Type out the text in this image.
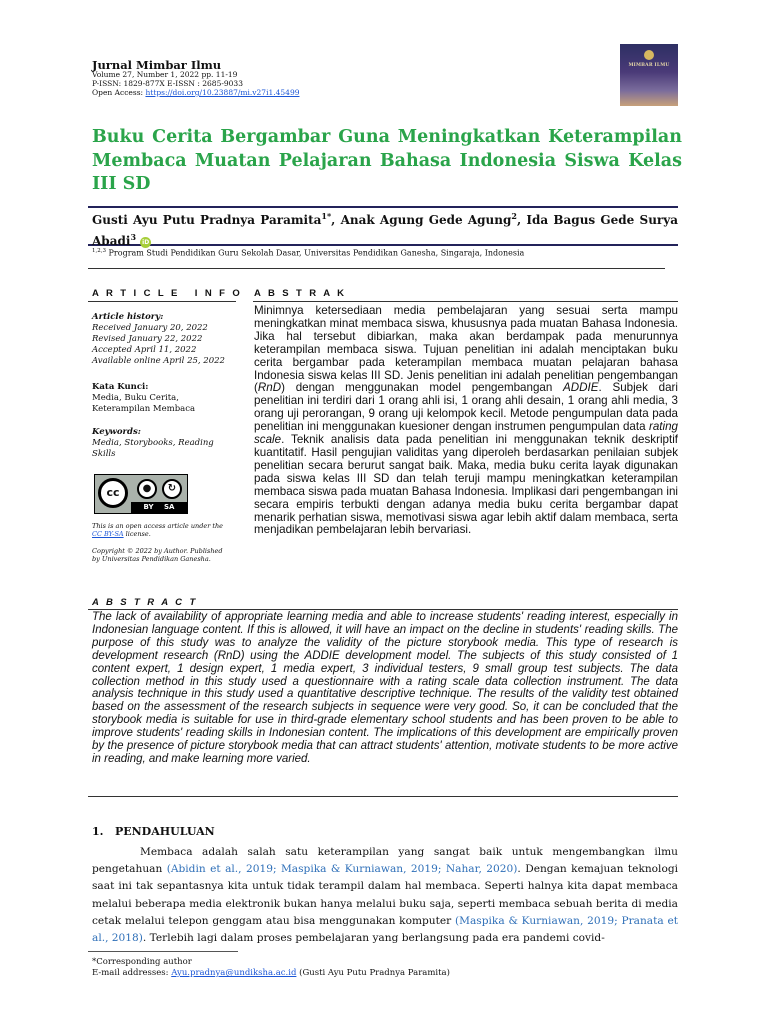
Jurnal Mimbar Ilmu
Volume 27, Number 1, 2022 pp. 11-19
P-ISSN: 1829-877X E-ISSN : 2685-9033
Open Access: https://doi.org/10.23887/mi.v27i1.45499
MIMBAR ILMU
Buku Cerita Bergambar Guna Meningkatkan Keterampilan Membaca Muatan Pelajaran Bahasa Indonesia Siswa Kelas III SD
Gusti Ayu Putu Pradnya Paramita$^{1*}$, Anak Agung Gede Agung$^2$, Ida Bagus Gede Surya Abadi$^3$ iD
$^{1,2,3}$ Program Studi Pendidikan Guru Sekolah Dasar, Universitas Pendidikan Ganesha, Singaraja, Indonesia
A R T I C L E   I N F O
Article history:
Received January 20, 2022
Revised January 22, 2022
Accepted April 11, 2022
Available online April 25, 2022
Kata Kunci:
Media, Buku Cerita,
Keterampilan Membaca
Keywords:
Media, Storybooks, Reading
Skills
cc	●	↻
BY SA
This is an open access article under the
CC BY-SA license.
Copyright © 2022 by Author. Published by Universitas Pendidikan Ganesha.
A B S T R A K
Minimnya ketersediaan media pembelajaran yang sesuai serta mampu meningkatkan minat membaca siswa, khususnya pada muatan Bahasa Indonesia. Jika hal tersebut dibiarkan, maka akan berdampak pada menurunnya keterampilan membaca siswa. Tujuan penelitian ini adalah menciptakan buku cerita bergambar pada keterampilan membaca muatan pelajaran bahasa Indonesia siswa kelas III SD. Jenis penelitian ini adalah penelitian pengembangan (RnD) dengan menggunakan model pengembangan ADDIE. Subjek dari penelitian ini terdiri dari 1 orang ahli isi, 1 orang ahli desain, 1 orang ahli media, 3 orang uji perorangan, 9 orang uji kelompok kecil. Metode pengumpulan data pada penelitian ini menggunakan kuesioner dengan instrumen pengumpulan data rating scale. Teknik analisis data pada penelitian ini menggunakan teknik deskriptif kuantitatif. Hasil pengujian validitas yang diperoleh berdasarkan penilaian subjek penelitian secara berurut sangat baik. Maka, media buku cerita layak digunakan pada siswa kelas III SD dan telah teruji mampu meningkatkan keterampilan membaca siswa pada muatan Bahasa Indonesia. Implikasi dari pengembangan ini secara empiris terbukti dengan adanya media buku cerita bergambar dapat menarik perhatian siswa, memotivasi siswa agar lebih aktif dalam membaca, serta menjadikan pembelajaran lebih bervariasi.
A B S T R A C T
The lack of availability of appropriate learning media and able to increase students' reading interest, especially in Indonesian language content. If this is allowed, it will have an impact on the decline in students' reading skills. The purpose of this study was to analyze the validity of the picture storybook media. This type of research is development research (RnD) using the ADDIE development model. The subjects of this study consisted of 1 content expert, 1 design expert, 1 media expert, 3 individual testers, 9 small group test subjects. The data collection method in this study used a questionnaire with a rating scale data collection instrument. The data analysis technique in this study used a quantitative descriptive technique. The results of the validity test obtained based on the assessment of the research subjects in sequence were very good. So, it can be concluded that the storybook media is suitable for use in third-grade elementary school students and has been proven to be able to improve students' reading skills in Indonesian content. The implications of this development are empirically proven by the presence of picture storybook media that can attract students' attention, motivate students to be more active in reading, and make learning more varied.
1.   PENDAHULUAN
Membaca adalah salah satu keterampilan yang sangat baik untuk mengembangkan ilmu pengetahuan (Abidin et al., 2019; Maspika & Kurniawan, 2019; Nahar, 2020). Dengan kemajuan teknologi saat ini tak sepantasnya kita untuk tidak terampil dalam hal membaca. Seperti halnya kita dapat membaca melalui beberapa media elektronik bukan hanya melalui buku saja, seperti membaca sebuah berita di media cetak melalui telepon genggam atau bisa menggunakan komputer (Maspika & Kurniawan, 2019; Pranata et al., 2018). Terlebih lagi dalam proses pembelajaran yang berlangsung pada era pandemi covid-
*Corresponding author
E-mail addresses: Ayu.pradnya@undiksha.ac.id (Gusti Ayu Putu Pradnya Paramita)
